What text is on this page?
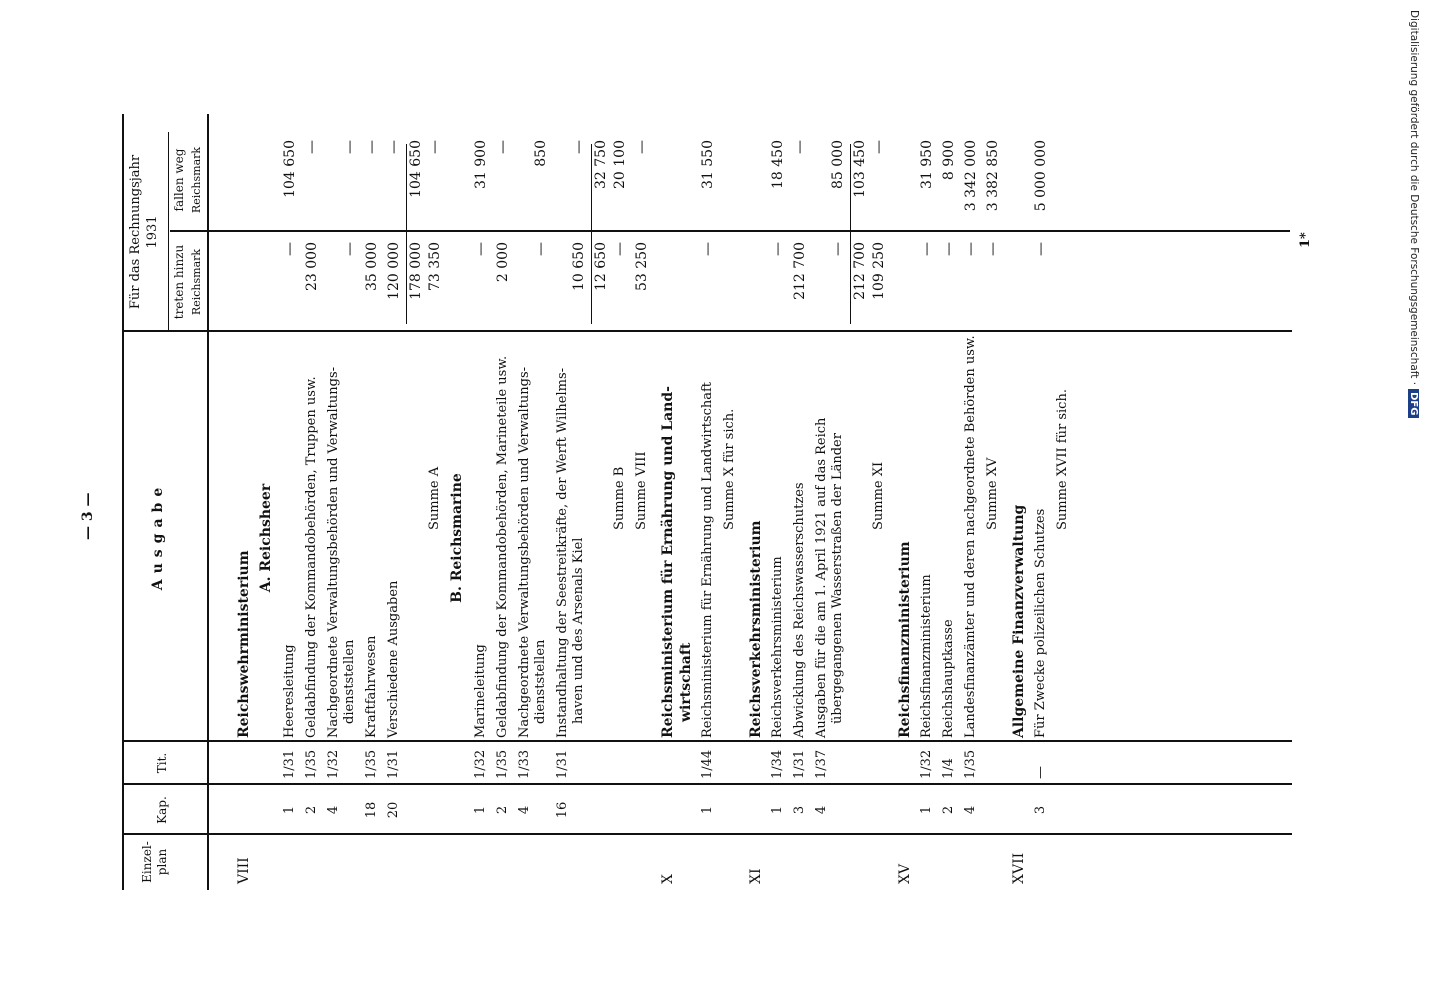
— 3 —
Einzel-
plan
Kap.
Tit.
Ausgabe
Für das Rechnungsjahr 1931
treten hinzu
fallen weg
Reichsmark
Reichsmark
VIII
Reichswehrministerium
A. Reichsheer
1
1/31
Heeresleitung
—
104 650
2
1/35
Geldabfindung der Kommandobehörden, Truppen usw.
23 000
—
4
1/32
Nachgeordnete Verwaltungsbehörden und Verwaltungs- dienststellen
—
—
18
1/35
Kraftfahrwesen
35 000
—
20
1/31
Verschiedene Ausgaben
120 000
—
178 000
104 650
Summe A
73 350
—
B. Reichsmarine
1
1/32
Marineleitung
—
31 900
2
1/35
Geldabfindung der Kommandobehörden, Marineteile usw.
2 000
—
4
1/33
Nachgeordnete Verwaltungsbehörden und Verwaltungs- dienststellen
—
850
16
1/31
Instandhaltung der Seestreitkräfte, der Werft Wilhelms- haven und des Arsenals Kiel
10 650
—
12 650
32 750
Summe B
—
20 100
Summe VIII
53 250
—
X
Reichsministerium für Ernährung und Land- wirtschaft
1
1/44
Reichsministerium für Ernährung und Landwirtschaft
—
31 550
Summe X für sich.
XI
Reichsverkehrsministerium
1
1/34
Reichsverkehrsministerium
—
18 450
3
1/31
Abwicklung des Reichswasserschutzes
212 700
—
4
1/37
Ausgaben für die am 1. April 1921 auf das Reich übergegangenen Wasserstraßen der Länder
—
85 000
212 700
103 450
Summe XI
109 250
—
XV
Reichsfinanzministerium
1
1/32
Reichsfinanzministerium
—
31 950
2
1/4
Reichshauptkasse
—
8 900
4
1/35
Landesfinanzämter und deren nachgeordnete Behörden usw.
—
3 342 000
Summe XV
—
3 382 850
XVII
Allgemeine Finanzverwaltung
3
—
Für Zwecke polizeilichen Schutzes
—
5 000 000
Summe XVII für sich.
1*	Digitalisierung gefördert durch die Deutsche Forschungsgemeinschaft ·DFG
